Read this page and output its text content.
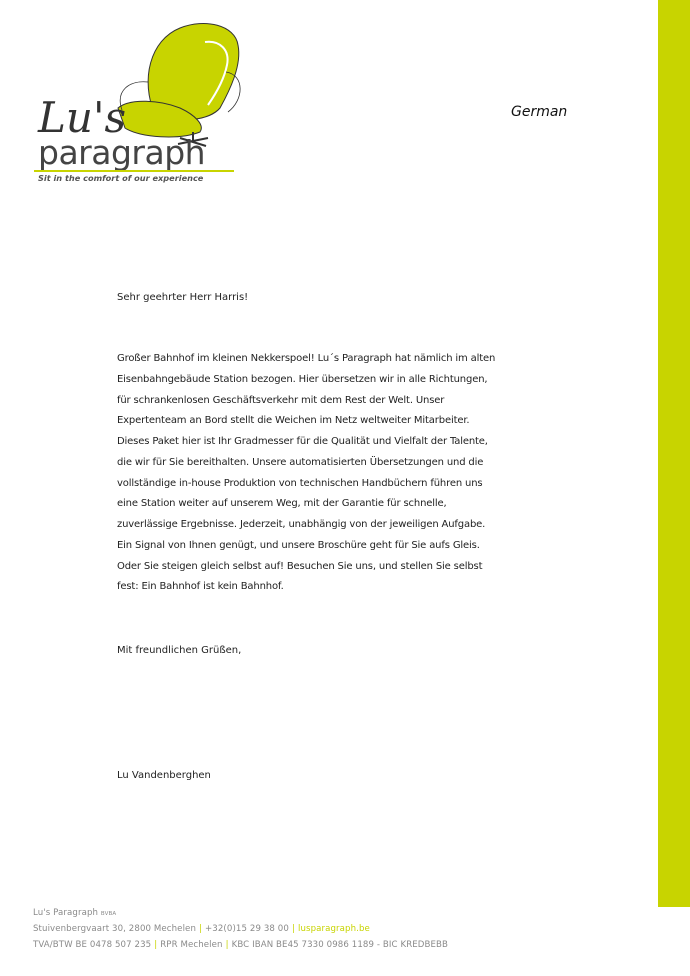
Lu's
paragraph
Sit in the comfort of our experience
German
Sehr geehrter Herr Harris!
Großer Bahnhof im kleinen Nekkerspoel! Lu´s Paragraph hat nämlich im alten
Eisenbahngebäude Station bezogen. Hier übersetzen wir in alle Richtungen,
für schrankenlosen Geschäftsverkehr mit dem Rest der Welt. Unser
Expertenteam an Bord stellt die Weichen im Netz weltweiter Mitarbeiter.
Dieses Paket hier ist Ihr Gradmesser für die Qualität und Vielfalt der Talente,
die wir für Sie bereithalten. Unsere automatisierten Übersetzungen und die
vollständige in-house Produktion von technischen Handbüchern führen uns
eine Station weiter auf unserem Weg, mit der Garantie für schnelle,
zuverlässige Ergebnisse. Jederzeit, unabhängig von der jeweiligen Aufgabe.
Ein Signal von Ihnen genügt, und unsere Broschüre geht für Sie aufs Gleis.
Oder Sie steigen gleich selbst auf! Besuchen Sie uns, und stellen Sie selbst
fest: Ein Bahnhof ist kein Bahnhof.
Mit freundlichen Grüßen,
Lu Vandenberghen
Lu's Paragraph BVBA
Stuivenbergvaart 30, 2800 Mechelen | +32(0)15 29 38 00 | lusparagraph.be
TVA/BTW BE 0478 507 235 | RPR Mechelen | KBC IBAN BE45 7330 0986 1189 - BIC KREDBEBB
